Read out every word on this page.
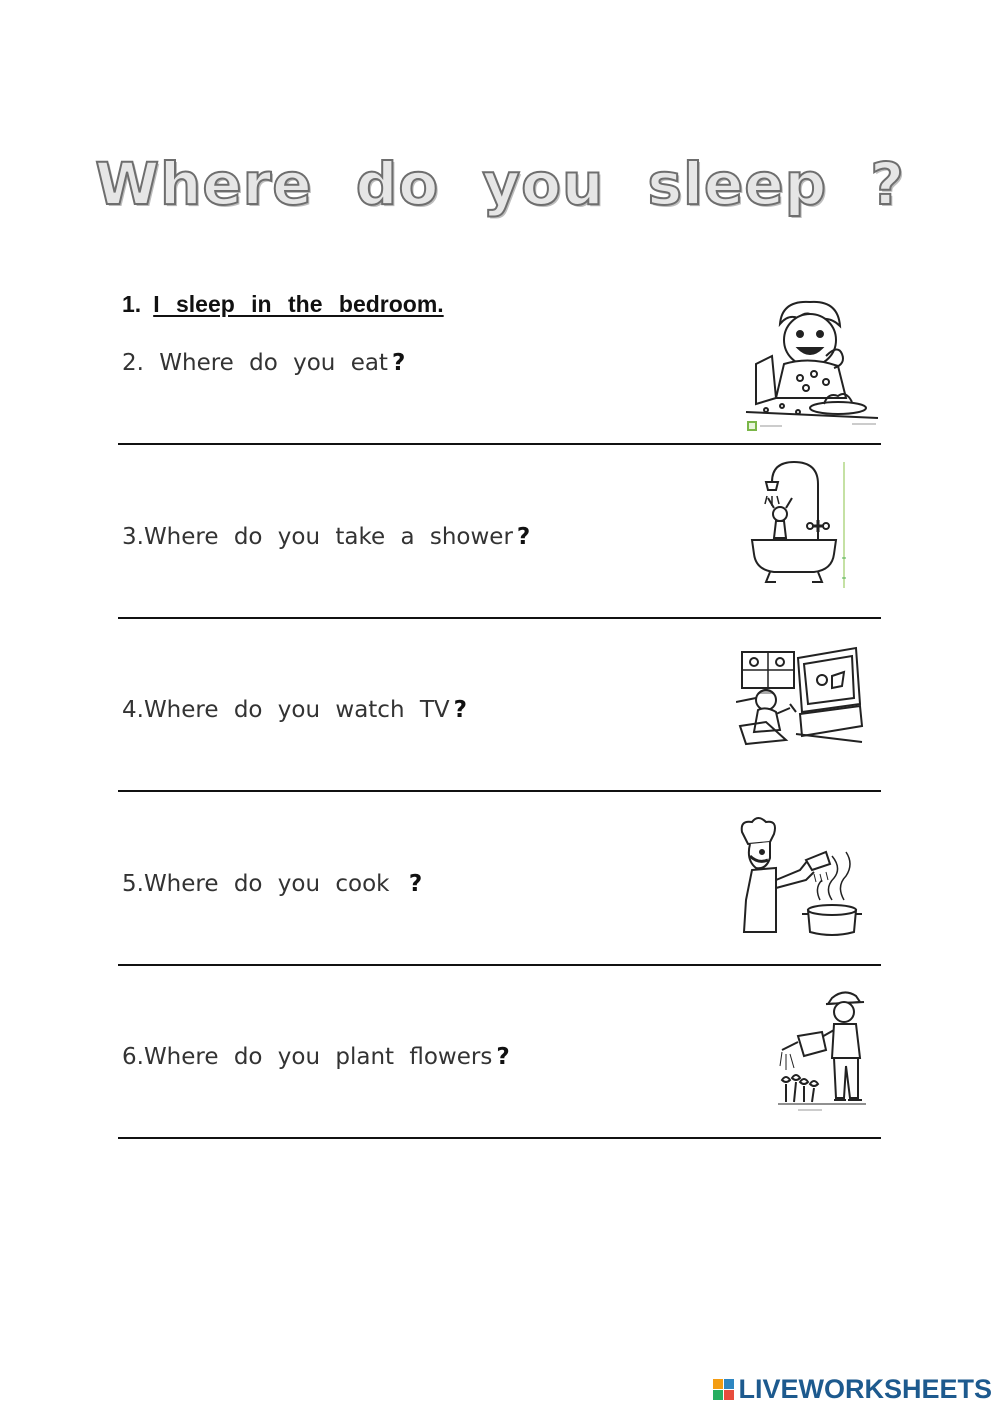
Where do you sleep ?
1. I sleep in the bedroom.
2. Where do you eat ?
3.Where do you take a shower ?
4.Where do you watch TV ?
5.Where do you cook ?
6.Where do you plant flowers ?
LIVEWORKSHEETS
